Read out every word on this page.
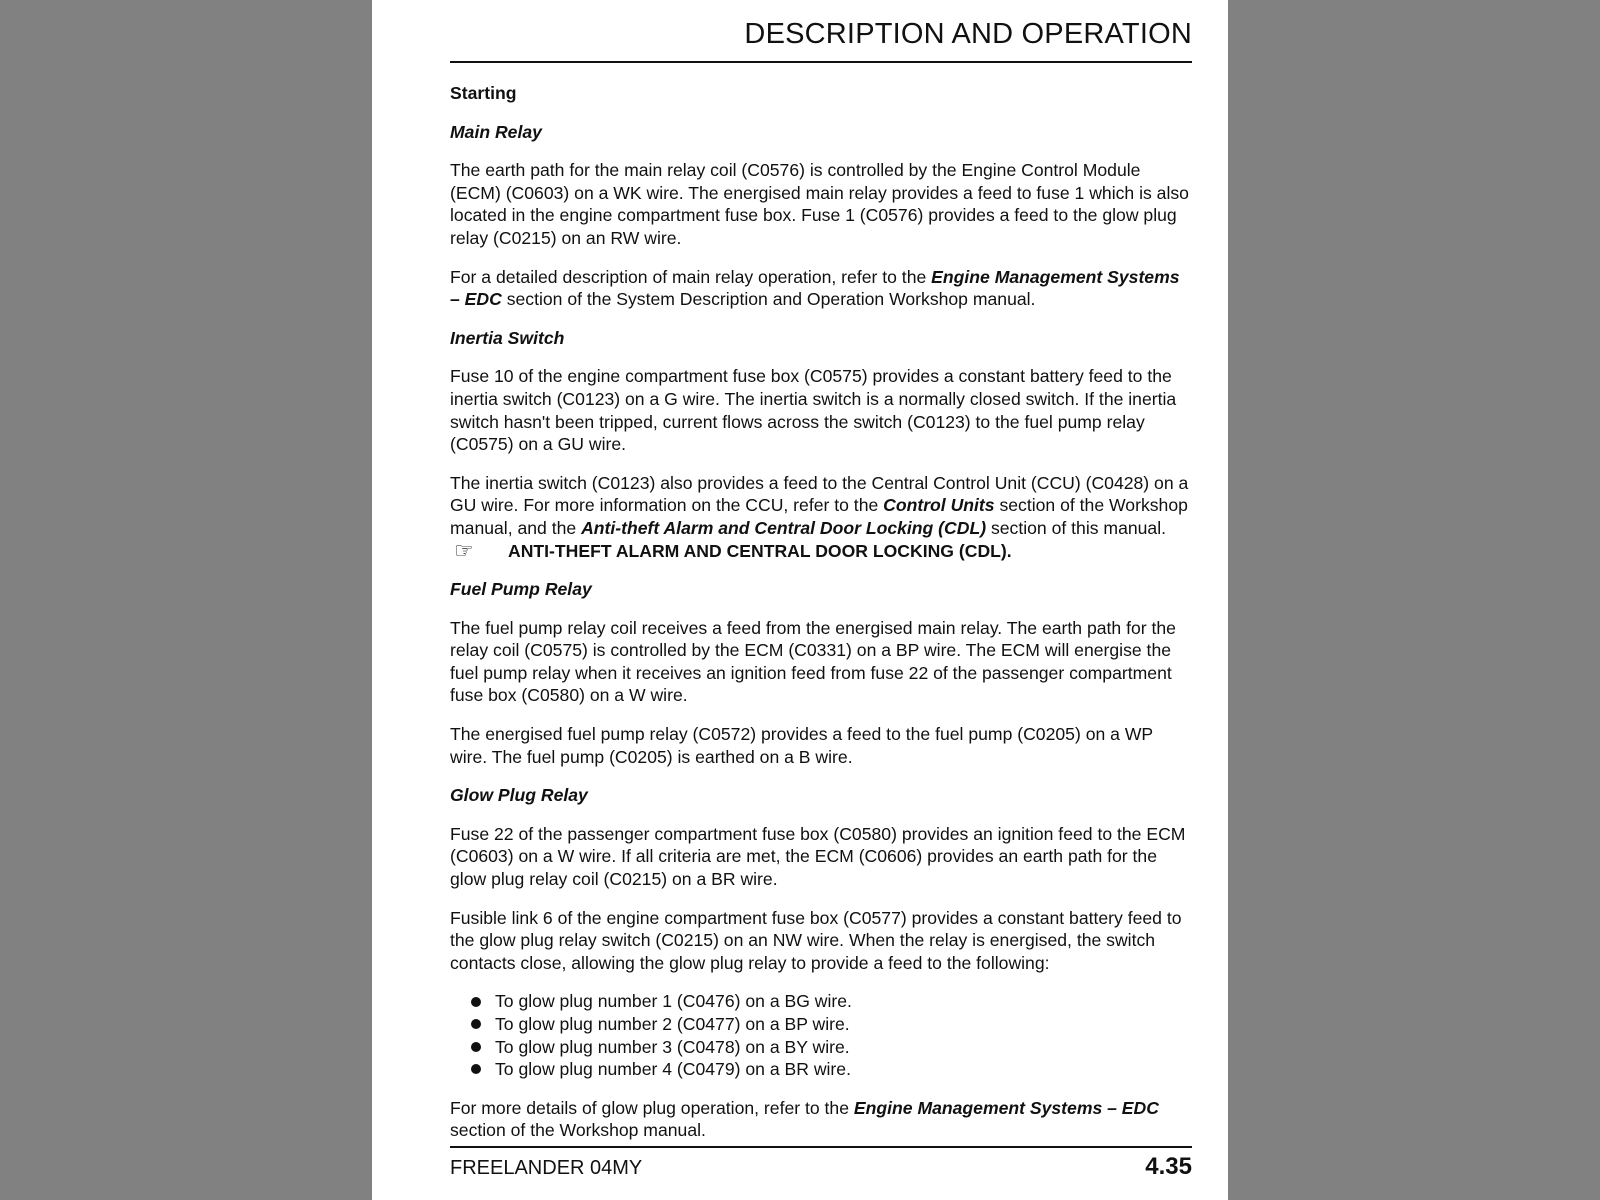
DESCRIPTION AND OPERATION

Starting

Main Relay

The earth path for the main relay coil (C0576) is controlled by the Engine Control Module (ECM) (C0603) on a WK wire. The energised main relay provides a feed to fuse 1 which is also located in the engine compartment fuse box. Fuse 1 (C0576) provides a feed to the glow plug relay (C0215) on an RW wire.

For a detailed description of main relay operation, refer to the Engine Management Systems – EDC section of the System Description and Operation Workshop manual.

Inertia Switch

Fuse 10 of the engine compartment fuse box (C0575) provides a constant battery feed to the inertia switch (C0123) on a G wire. The inertia switch is a normally closed switch. If the inertia switch hasn't been tripped, current flows across the switch (C0123) to the fuel pump relay (C0575) on a GU wire.

The inertia switch (C0123) also provides a feed to the Central Control Unit (CCU) (C0428) on a GU wire. For more information on the CCU, refer to the Control Units section of the Workshop manual, and the Anti-theft Alarm and Central Door Locking (CDL) section of this manual.

☞	ANTI-THEFT ALARM AND CENTRAL DOOR LOCKING (CDL).

Fuel Pump Relay

The fuel pump relay coil receives a feed from the energised main relay. The earth path for the relay coil (C0575) is controlled by the ECM (C0331) on a BP wire. The ECM will energise the fuel pump relay when it receives an ignition feed from fuse 22 of the passenger compartment fuse box (C0580) on a W wire.

The energised fuel pump relay (C0572) provides a feed to the fuel pump (C0205) on a WP wire. The fuel pump (C0205) is earthed on a B wire.

Glow Plug Relay

Fuse 22 of the passenger compartment fuse box (C0580) provides an ignition feed to the ECM (C0603) on a W wire. If all criteria are met, the ECM (C0606) provides an earth path for the glow plug relay coil (C0215) on a BR wire.

Fusible link 6 of the engine compartment fuse box (C0577) provides a constant battery feed to the glow plug relay switch (C0215) on an NW wire. When the relay is energised, the switch contacts close, allowing the glow plug relay to provide a feed to the following:

To glow plug number 1 (C0476) on a BG wire.
To glow plug number 2 (C0477) on a BP wire.
To glow plug number 3 (C0478) on a BY wire.
To glow plug number 4 (C0479) on a BR wire.

For more details of glow plug operation, refer to the Engine Management Systems – EDC section of the Workshop manual.

FREELANDER 04MY	4.35
